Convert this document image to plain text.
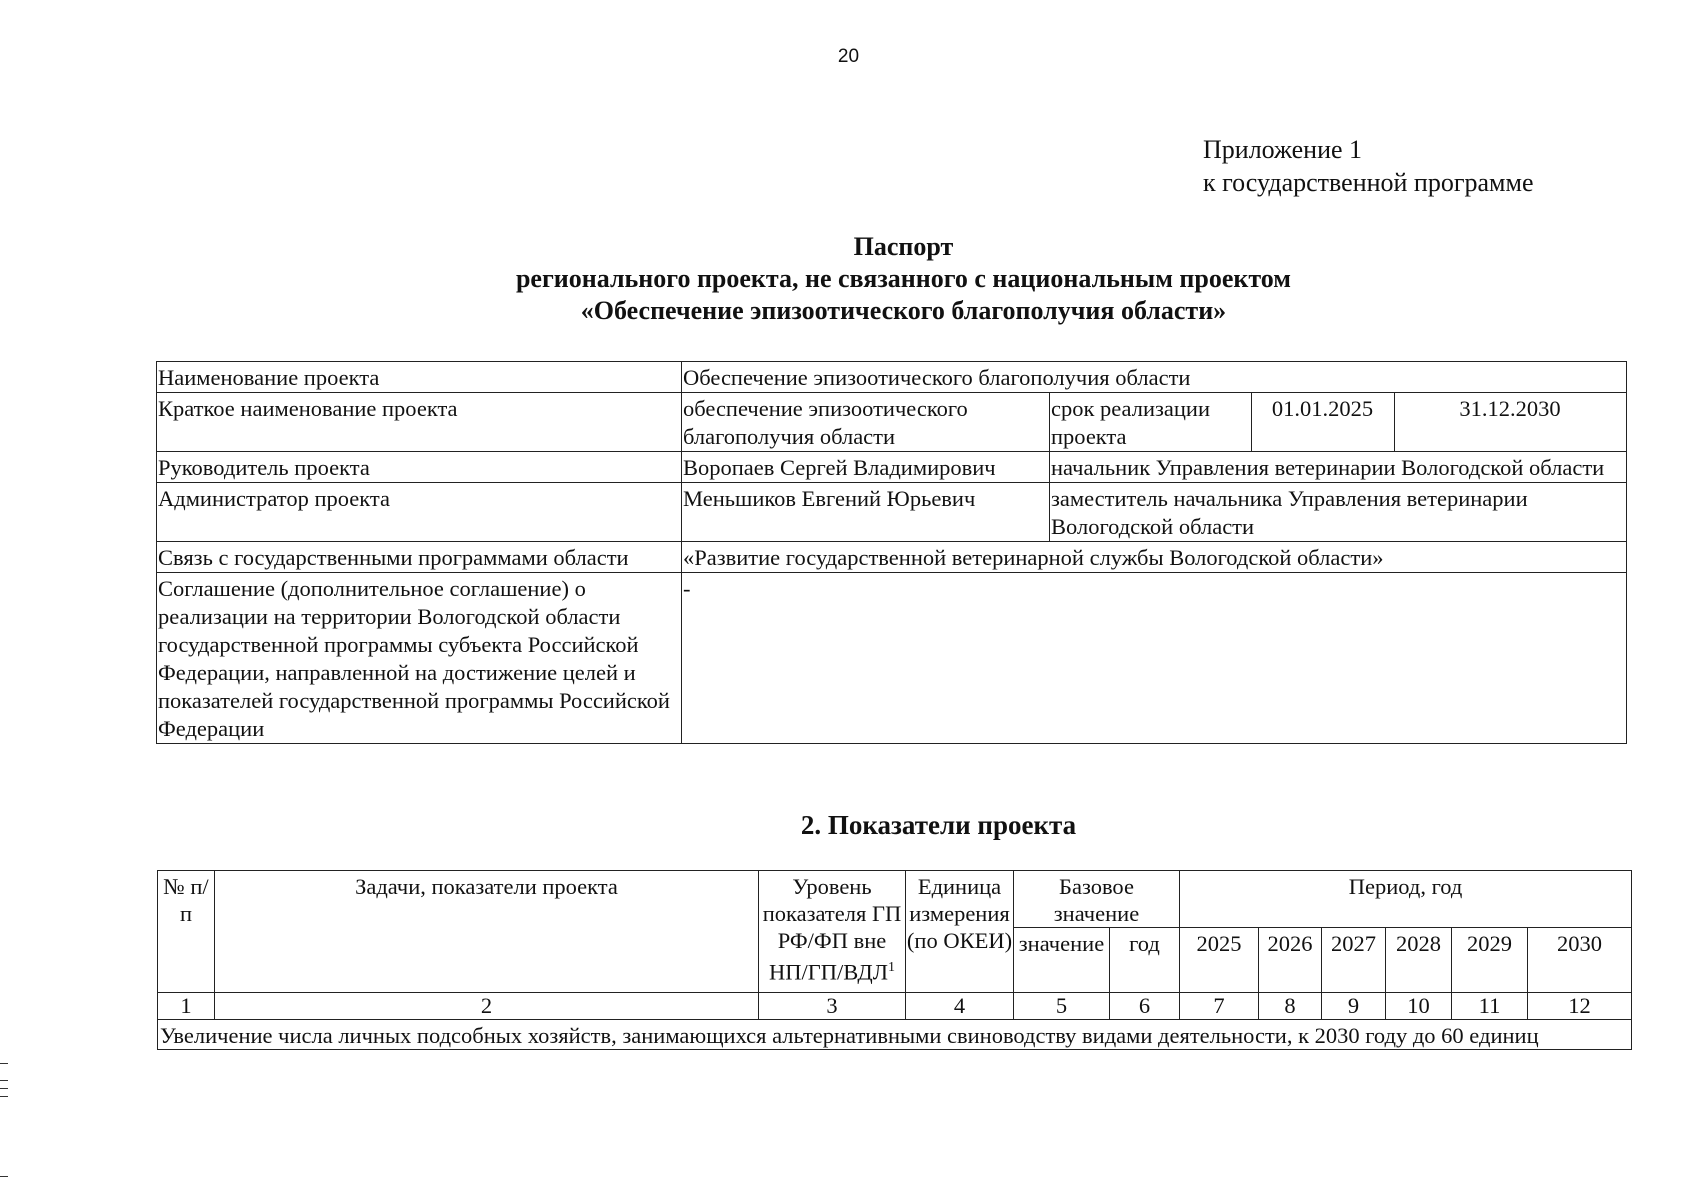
20
Приложение 1
к государственной программе
Паспорт
регионального проекта, не связанного с национальным проектом
«Обеспечение эпизоотического благополучия области»
Наименование проекта	Обеспечение эпизоотического благополучия области			
Краткое наименование проекта	обеспечение эпизоотического благополучия области	срок реализации проекта	01.01.2025	31.12.2030
Руководитель проекта	Воропаев Сергей Владимирович	начальник Управления ветеринарии Вологодской области		
Администратор проекта	Меньшиков Евгений Юрьевич	заместитель начальника Управления ветеринарии Вологодской области		
Связь с государственными программами области	«Развитие государственной ветеринарной службы Вологодской области»			
Соглашение (дополнительное соглашение) о реализации на территории Вологодской области государственной программы субъекта Российской Федерации, направленной на достижение целей и показателей государственной программы Российской Федерации	-			
2. Показатели проекта
№ п/п	Задачи, показатели проекта	Уровень показателя ГП РФ/ФП вне НП/ГП/ВДЛ$^1$	Единица измерения (по ОКЕИ)	Базовое значение		Период, год					
				значение	год	2025	2026	2027	2028	2029	2030
1	2	3	4	5	6	7	8	9	10	11	12
Увеличение числа личных подсобных хозяйств, занимающихся альтернативными свиноводству видами деятельности, к 2030 году до 60 единиц											
